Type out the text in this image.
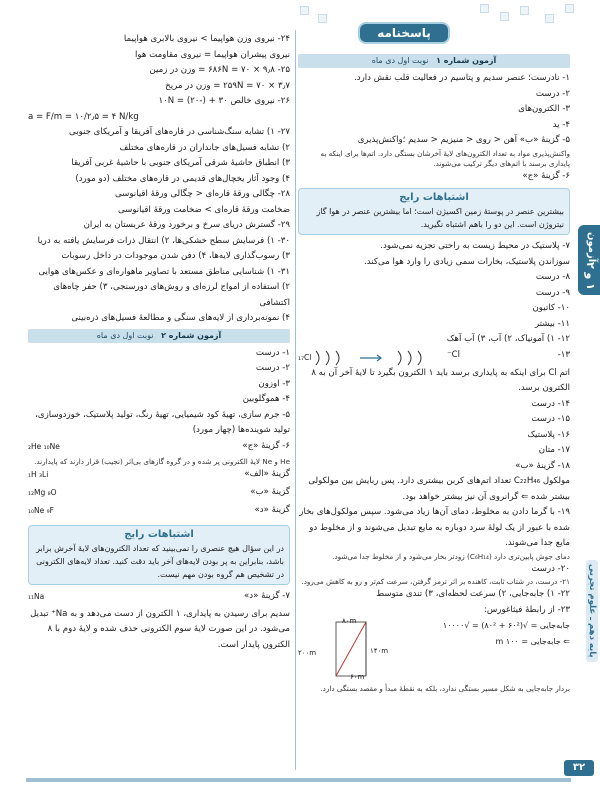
پاسخنامه
آزمون شماره ۱   نوبت اول دی ماه
۱- نادرست؛ عنصر سدیم و پتاسیم در فعالیت قلب نقش دارد.
۲- درست
۳- الکترون‌های
۴- ید
۵- گزینهٔ «ب» آهن < روی < منیزیم < سدیم ؛واکنش‌پذیری
واکنش‌پذیری مواد به تعداد الکترون‌های لایهٔ آخرشان بستگی دارد. اتم‌ها برای اینکه به پایداری برسند با اتم‌های دیگر ترکیب می‌شوند.
۶- گزینهٔ «ج»
اشتباهات رایج
بیشترین عنصر در پوستهٔ زمین اکسیژن است؛ اما بیشترین عنصر در هوا گاز نیتروژن است. این دو را باهم اشتباه نگیرید.
۷- پلاستیک در محیط زیست به راحتی تجزیه نمی‌شود.
سوزاندن پلاستیک، بخارات سمی زیادی را وارد هوا می‌کند.
۸- درست
۹- درست
۱۰- کاتیون
۱۱- بیشتر
۱۲- ۱) آمونیاک، ۲) آب، ۳) آب آهک
۱۳-
Cl⁻
₁₇Cl
اتم Cl برای اینکه به پایداری برسد باید ۱ الکترون بگیرد تا لایهٔ آخر آن به ۸ الکترون برسد.
۱۴- درست
۱۵- درست
۱۶- پلاستیک
۱۷- متان
۱۸- گزینهٔ «ب»
مولکول C₂₂H₄₆ تعداد اتم‌های کربن بیشتری دارد. پس ربایش بین مولکولی بیشتر شده ⇐ گرانروی آن نیز بیشتر خواهد بود.
۱۹- با گرما دادن به مخلوط، دمای آن‌ها زیاد می‌شود. سپس مولکول‌های بخار شده با عبور از یک لولهٔ سرد دوباره به مایع تبدیل می‌شوند و از مخلوط دو مایع جدا می‌شوند.
دمای جوش پایین‌تری دارد (C₆H₁₄) زودتر بخار می‌شود و از مخلوط جدا می‌شود.
۲۰- درست
۲۱- درست، در شتاب ثابت، کاهنده بر اثر ترمز گرفتن، سرعت کم‌تر و رو به کاهش می‌رود.
۲۲- ۱) جابه‌جایی، ۲) سرعت لحظه‌ای، ۳) تندی متوسط
۲۳- از رابطهٔ فیثاغورس:
جابه‌جایی = √(۶۰² + ۸۰²) = √۱۰۰۰۰
⇐ جابه‌جایی = ۱۰۰ m
۸۰m
۱۴۰m
۲۰۰m
۶۰m
بردار جابه‌جایی به شکل مسیر بستگی ندارد، بلکه به نقطهٔ مبدأ و مقصد بستگی دارد.
۲۴- نیروی وزن هواپیما > نیروی بالابری هواپیما
نیروی پیشران هواپیما = نیروی مقاومت هوا
۲۵- ۶۸۶N = ۷۰ × ۹٫۸ = وزن در زمین
۲۵۹N = ۷۰ × ۳٫۷ = وزن در مریخ
۲۶- نیروی خالص ۱۰N = (۲۰-) + ۳۰
a = F/m = ۱۰/۲٫۵ = ۴ N/kg
۲۷- ۱) تشابه سنگ‌شناسی در قاره‌های آفریقا و آمریکای جنوبی
۲) تشابه فسیل‌های جانداران در قاره‌های مختلف
۳) انطباق حاشیهٔ شرقی آمریکای جنوبی با حاشیهٔ غربی آفریقا
۴) وجود آثار یخچال‌های قدیمی در قاره‌های مختلف (دو مورد)
۲۸- چگالی ورقهٔ قاره‌ای < چگالی ورقهٔ اقیانوسی
ضخامت ورقهٔ قاره‌ای > ضخامت ورقهٔ اقیانوسی
۲۹- گسترش دریای سرخ و برخورد ورقهٔ عربستان به ایران
۳۰- ۱) فرسایش سطح خشکی‌ها، ۲) انتقال ذرات فرسایش یافته به دریا
۳) رسوب‌گذاری لایه‌ها، ۴) دفن شدن موجودات در داخل رسوبات
۳۱- ۱) شناسایی مناطق مستعد با تصاویر ماهواره‌ای و عکس‌های هوایی
۲) استفاده از امواج لرزه‌ای و روش‌های دورسنجی، ۳) حفر چاه‌های اکتشافی
۴) نمونه‌برداری از لایه‌های سنگی و مطالعهٔ فسیل‌های ذره‌بینی
آزمون شماره ۲   نوبت اول دی ماه
۱- درست
۲- درست
۳- اوزون
۴- هموگلوبین
۵- جرم سازی، تهیهٔ کود شیمیایی، تهیهٔ رنگ، تولید پلاستیک، خوردوسازی، تولید شوینده‌ها (چهار مورد)
۶- گزینهٔ «ج»
₂He ₁₀Ne
He و Ne لایهٔ الکترونی پر شده و در گروه گازهای بی‌اثر (نجیب) قرار دارند که پایدارند.
گزینهٔ «الف»
₁H ₃Li
گزینهٔ «ب»
₁₂Mg ₈O
گزینهٔ «د»
₁₀Ne ₉F
اشتباهات رایج
در این سؤال هیچ عنصری را نمی‌بینید که تعداد الکترون‌های لایهٔ آخرش برابر باشد، بنابراین به پر بودن لایه‌های آخر باید دقت کنید. تعداد لایه‌های الکترونی در تشخیص هم گروه بودن مهم نیست.
۷- گزینهٔ «د»
₁₁Na
سدیم برای رسیدن به پایداری، ۱ الکترون از دست می‌دهد و به Na⁺ تبدیل می‌شود. در این صورت لایهٔ سوم الکترونی حذف شده و لایهٔ دوم با ۸ الکترون پایدار است.
آزمون
۱ و ۲
پایه دهم ـ علوم تجربی
۳۲
